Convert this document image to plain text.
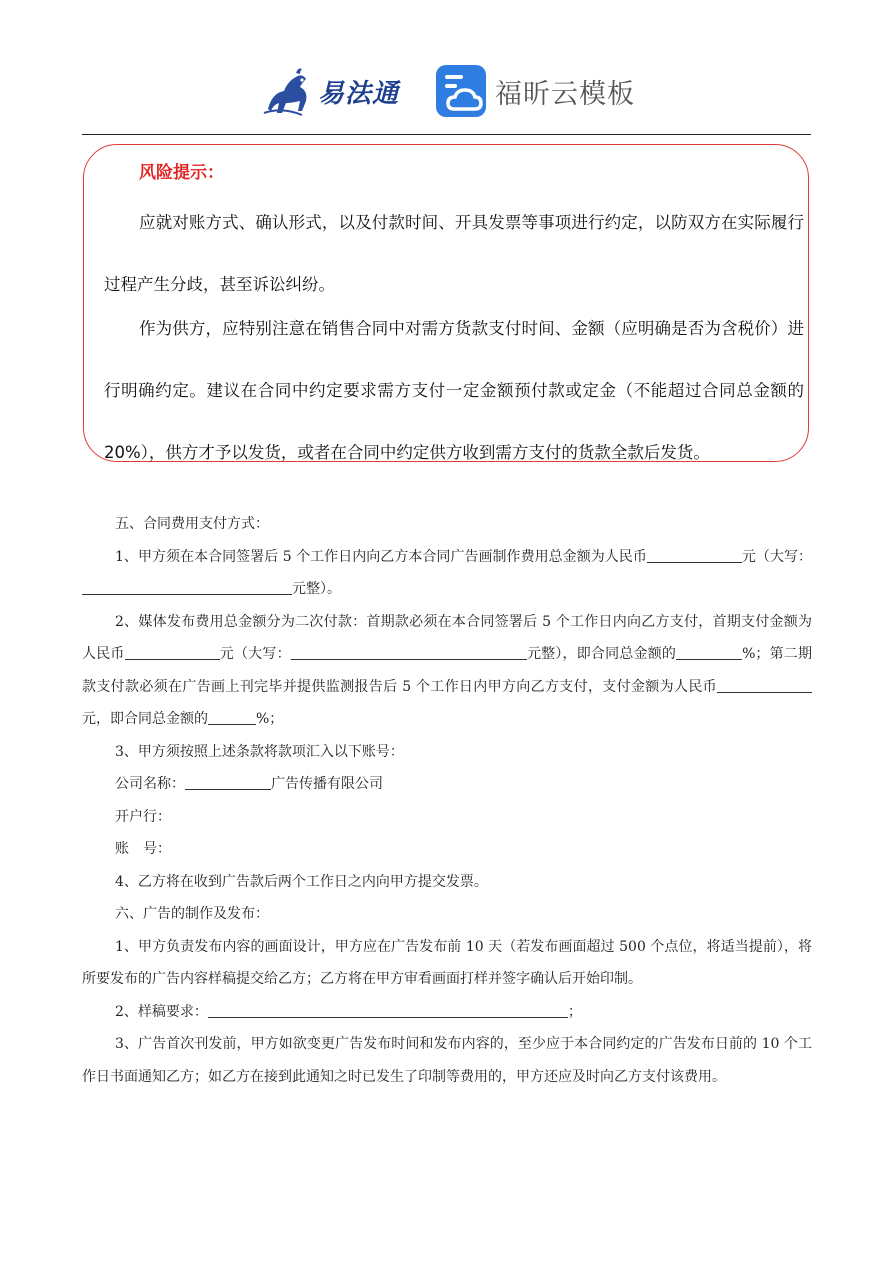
易法通	福昕云模板
风险提示：

应就对账方式、确认形式，以及付款时间、开具发票等事项进行约定，以防双方在实际履行过程产生分歧，甚至诉讼纠纷。

作为供方，应特别注意在销售合同中对需方货款支付时间、金额（应明确是否为含税价）进行明确约定。建议在合同中约定要求需方支付一定金额预付款或定金（不能超过合同总金额的 20%），供方才予以发货，或者在合同中约定供方收到需方支付的货款全款后发货。

五、合同费用支付方式：

1、甲方须在本合同签署后 5 个工作日内向乙方本合同广告画制作费用总金额为人民币	元（大写：元整）。

2、媒体发布费用总金额分为二次付款：首期款必须在本合同签署后 5 个工作日内向乙方支付，首期支付金额为人民币	元（大写：	元整），即合同总金额的	%；第二期款支付款必须在广告画上刊完毕并提供监测报告后 5 个工作日内甲方向乙方支付，支付金额为人民币元，即合同总金额的	%；

3、甲方须按照上述条款将款项汇入以下账号：

公司名称：	广告传播有限公司

开户行：

账　号：

4、乙方将在收到广告款后两个工作日之内向甲方提交发票。

六、广告的制作及发布：

1、甲方负责发布内容的画面设计，甲方应在广告发布前 10 天（若发布画面超过 500 个点位，将适当提前），将所要发布的广告内容样稿提交给乙方；乙方将在甲方审看画面打样并签字确认后开始印制。

2、样稿要求：	；

3、广告首次刊发前，甲方如欲变更广告发布时间和发布内容的，至少应于本合同约定的广告发布日前的 10 个工作日书面通知乙方；如乙方在接到此通知之时已发生了印制等费用的，甲方还应及时向乙方支付该费用。
